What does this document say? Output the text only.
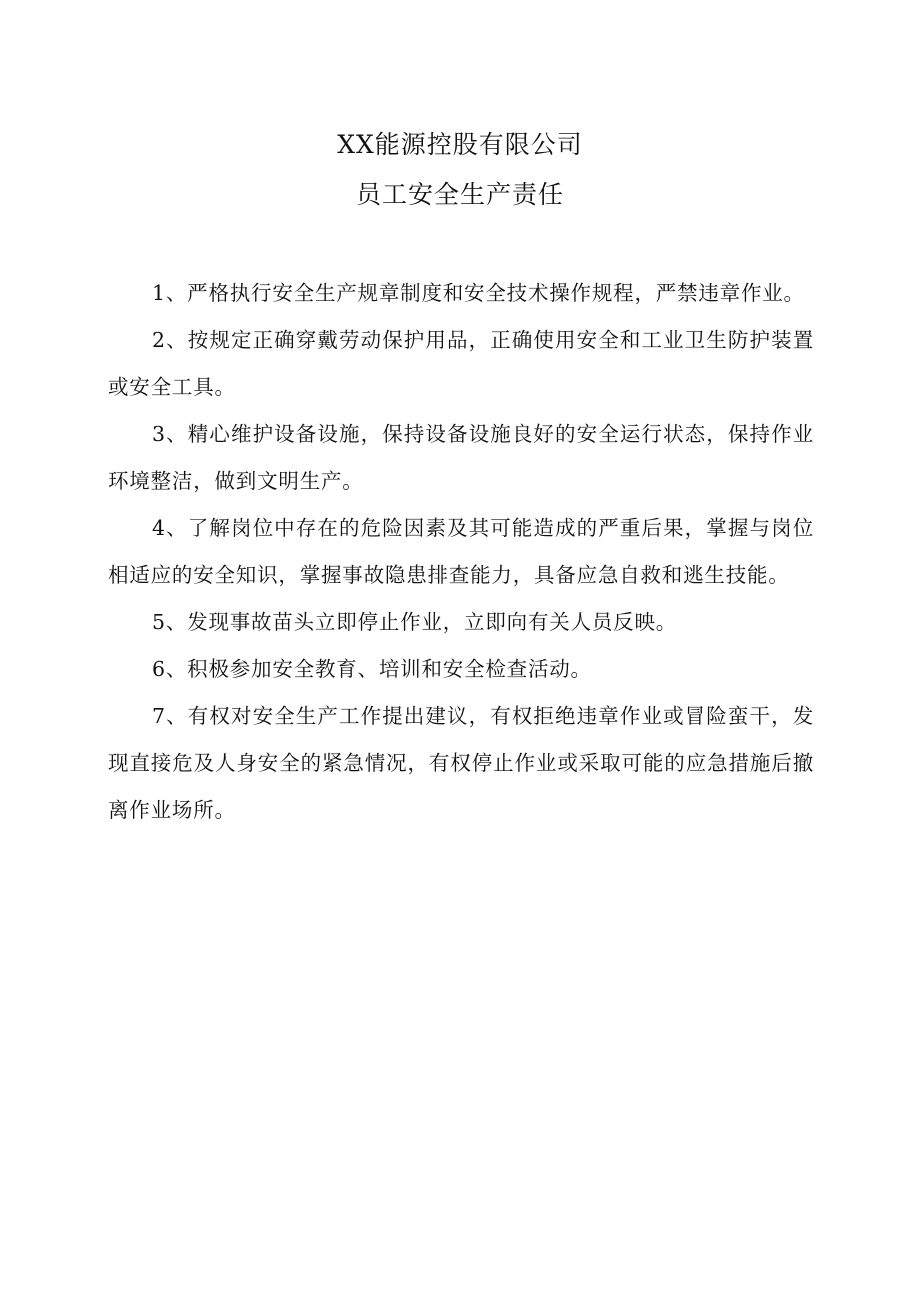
XX能源控股有限公司
员工安全生产责任

1、严格执行安全生产规章制度和安全技术操作规程，严禁违章作业。

2、按规定正确穿戴劳动保护用品，正确使用安全和工业卫生防护装置或安全工具。

3、精心维护设备设施，保持设备设施良好的安全运行状态，保持作业环境整洁，做到文明生产。

4、了解岗位中存在的危险因素及其可能造成的严重后果，掌握与岗位相适应的安全知识，掌握事故隐患排查能力，具备应急自救和逃生技能。

5、发现事故苗头立即停止作业，立即向有关人员反映。

6、积极参加安全教育、培训和安全检查活动。

7、有权对安全生产工作提出建议，有权拒绝违章作业或冒险蛮干，发现直接危及人身安全的紧急情况，有权停止作业或采取可能的应急措施后撤离作业场所。
